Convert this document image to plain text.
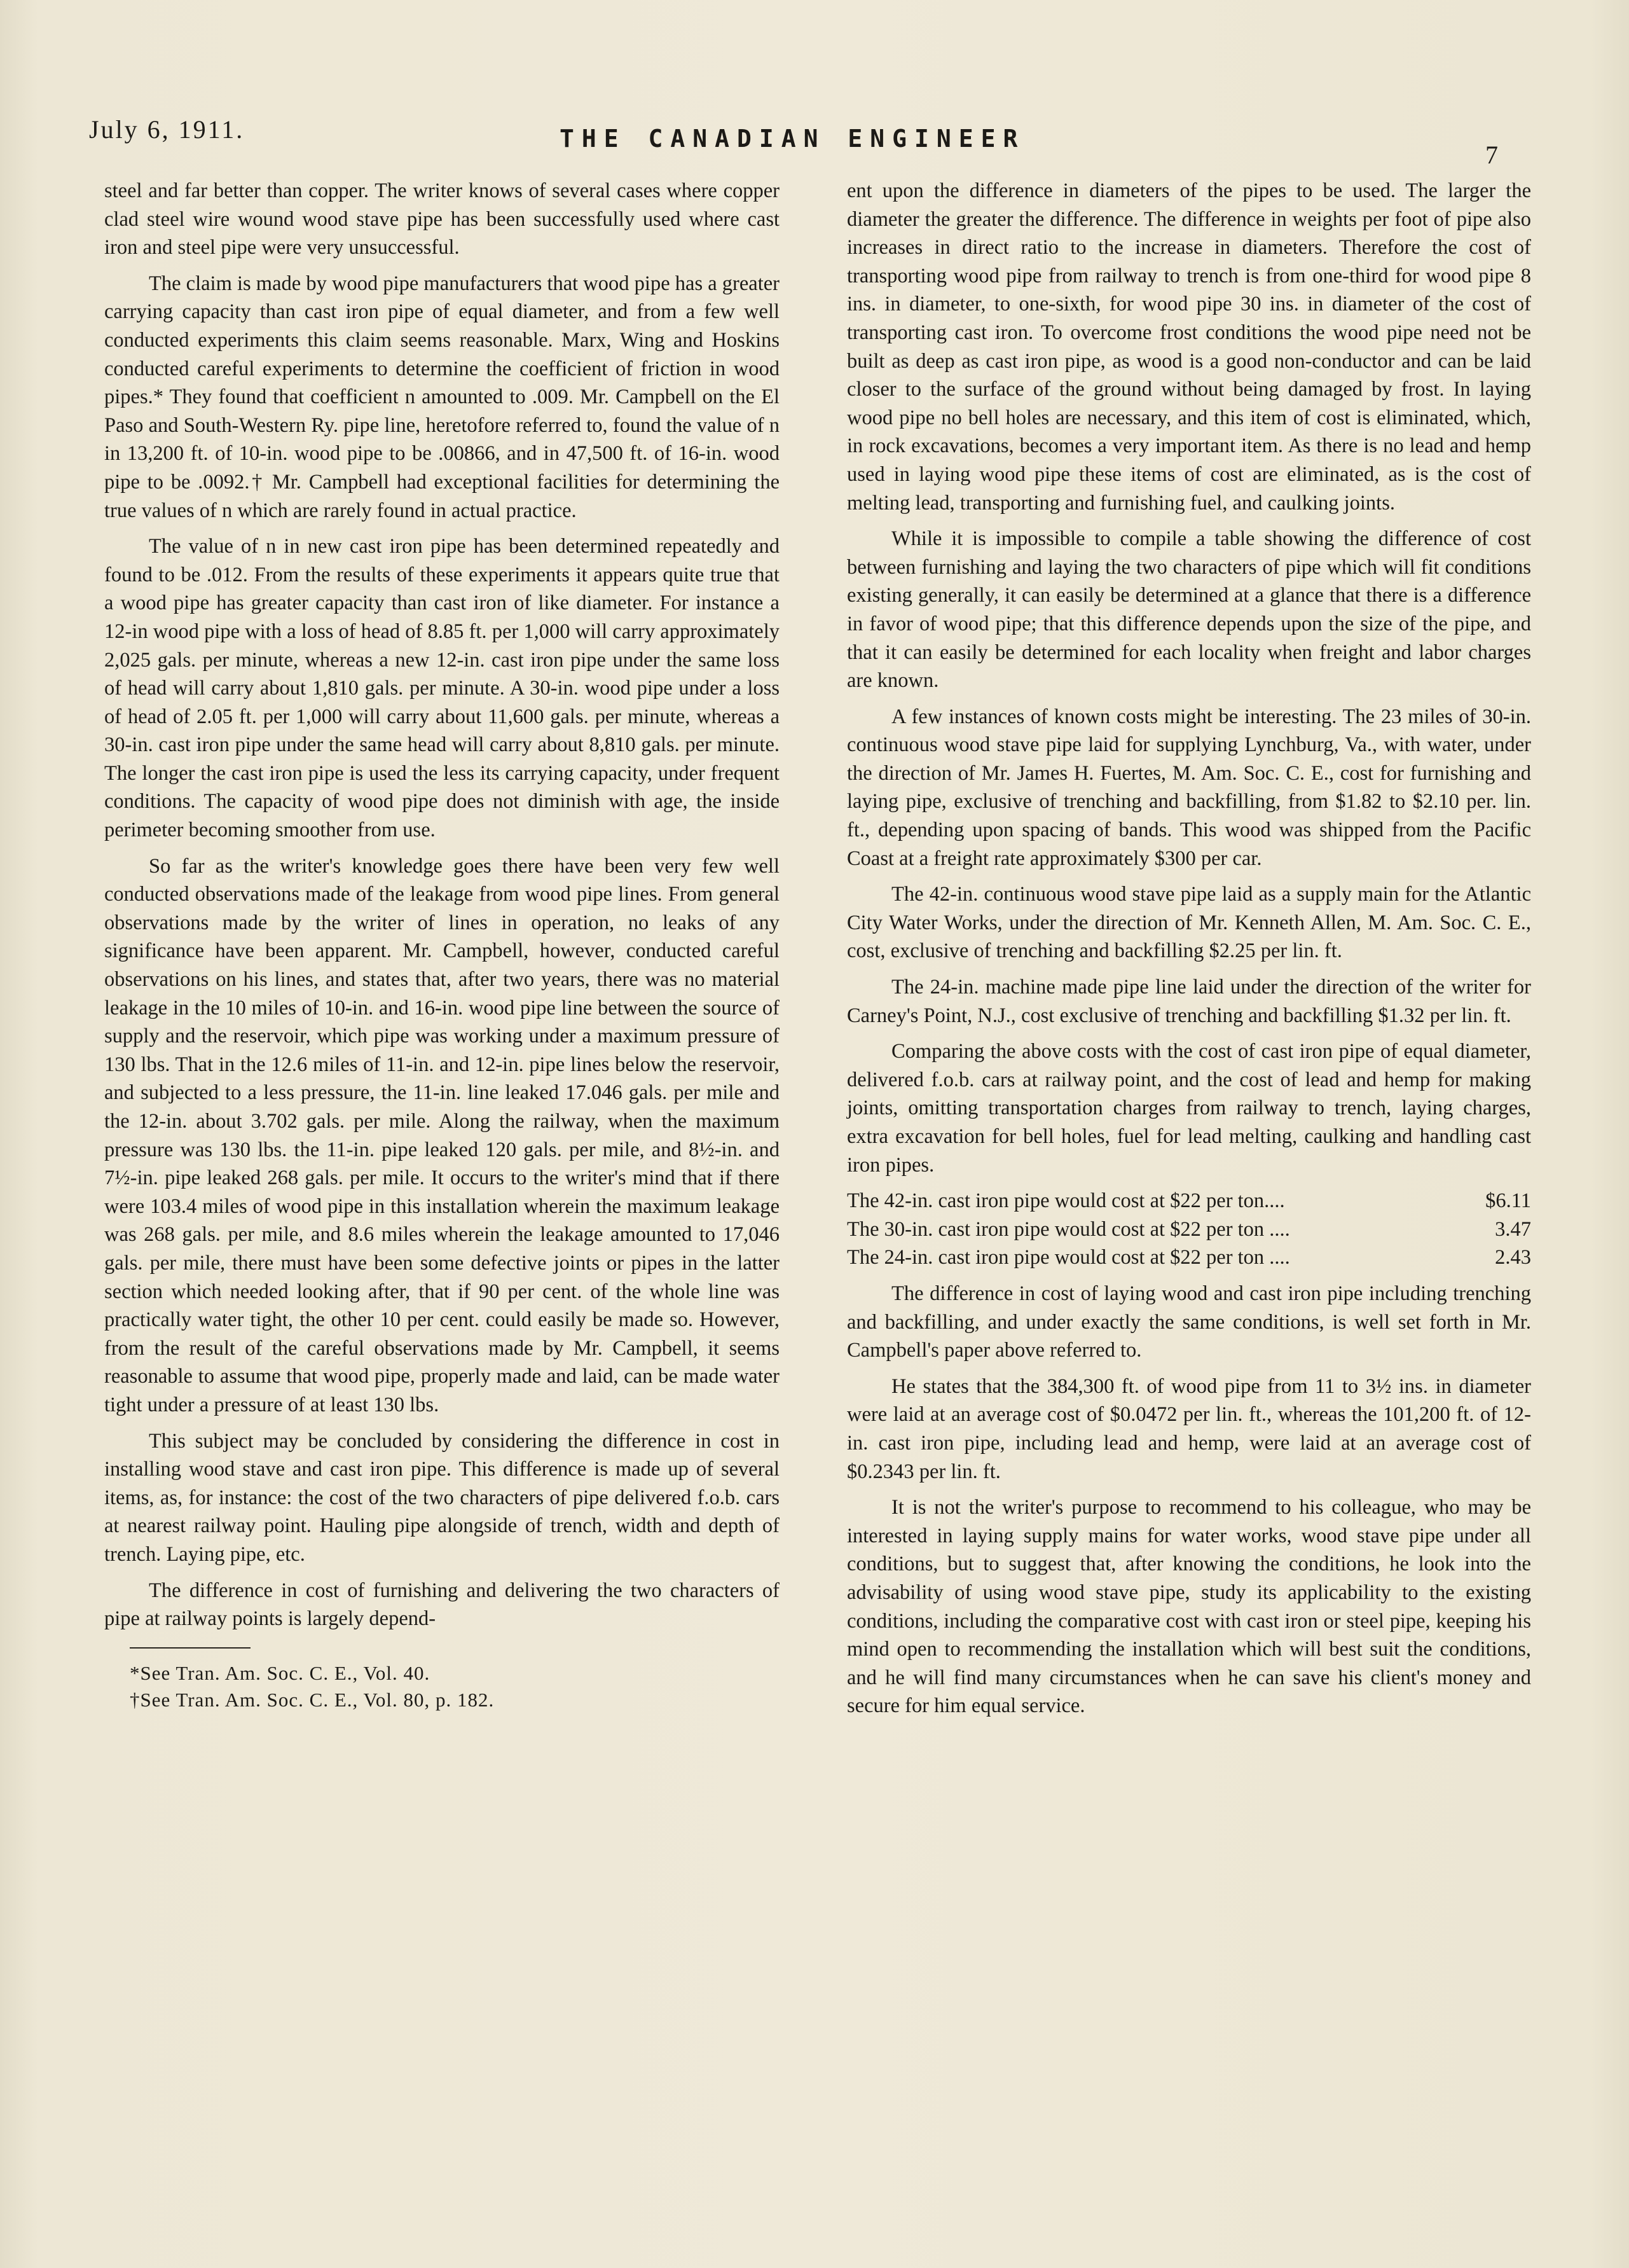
July 6, 1911.	THE CANADIAN ENGINEER
7

steel and far better than copper. The writer knows of several cases where copper clad steel wire wound wood stave pipe has been successfully used where cast iron and steel pipe were very unsuccessful.

The claim is made by wood pipe manufacturers that wood pipe has a greater carrying capacity than cast iron pipe of equal diameter, and from a few well conducted experiments this claim seems reasonable. Marx, Wing and Hoskins conducted careful experiments to determine the coefficient of friction in wood pipes.* They found that coefficient n amounted to .009. Mr. Campbell on the El Paso and South-Western Ry. pipe line, heretofore referred to, found the value of n in 13,200 ft. of 10-in. wood pipe to be .00866, and in 47,500 ft. of 16-in. wood pipe to be .0092.† Mr. Campbell had exceptional facilities for determining the true values of n which are rarely found in actual practice.

The value of n in new cast iron pipe has been determined repeatedly and found to be .012. From the results of these experiments it appears quite true that a wood pipe has greater capacity than cast iron of like diameter. For instance a 12-in wood pipe with a loss of head of 8.85 ft. per 1,000 will carry approximately 2,025 gals. per minute, whereas a new 12-in. cast iron pipe under the same loss of head will carry about 1,810 gals. per minute. A 30-in. wood pipe under a loss of head of 2.05 ft. per 1,000 will carry about 11,600 gals. per minute, whereas a 30-in. cast iron pipe under the same head will carry about 8,810 gals. per minute. The longer the cast iron pipe is used the less its carrying capacity, under frequent conditions. The capacity of wood pipe does not diminish with age, the inside perimeter becoming smoother from use.

So far as the writer's knowledge goes there have been very few well conducted observations made of the leakage from wood pipe lines. From general observations made by the writer of lines in operation, no leaks of any significance have been apparent. Mr. Campbell, however, conducted careful observations on his lines, and states that, after two years, there was no material leakage in the 10 miles of 10-in. and 16-in. wood pipe line between the source of supply and the reservoir, which pipe was working under a maximum pressure of 130 lbs. That in the 12.6 miles of 11-in. and 12-in. pipe lines below the reservoir, and subjected to a less pressure, the 11-in. line leaked 17.046 gals. per mile and the 12-in. about 3.702 gals. per mile. Along the railway, when the maximum pressure was 130 lbs. the 11-in. pipe leaked 120 gals. per mile, and 8½-in. and 7½-in. pipe leaked 268 gals. per mile. It occurs to the writer's mind that if there were 103.4 miles of wood pipe in this installation wherein the maximum leakage was 268 gals. per mile, and 8.6 miles wherein the leakage amounted to 17,046 gals. per mile, there must have been some defective joints or pipes in the latter section which needed looking after, that if 90 per cent. of the whole line was practically water tight, the other 10 per cent. could easily be made so. However, from the result of the careful observations made by Mr. Campbell, it seems reasonable to assume that wood pipe, properly made and laid, can be made water tight under a pressure of at least 130 lbs.

This subject may be concluded by considering the difference in cost in installing wood stave and cast iron pipe. This difference is made up of several items, as, for instance: the cost of the two characters of pipe delivered f.o.b. cars at nearest railway point. Hauling pipe alongside of trench, width and depth of trench. Laying pipe, etc.

The difference in cost of furnishing and delivering the two characters of pipe at railway points is largely depend-

*See Tran. Am. Soc. C. E., Vol. 40.

†See Tran. Am. Soc. C. E., Vol. 80, p. 182.

ent upon the difference in diameters of the pipes to be used. The larger the diameter the greater the difference. The difference in weights per foot of pipe also increases in direct ratio to the increase in diameters. Therefore the cost of transporting wood pipe from railway to trench is from one-third for wood pipe 8 ins. in diameter, to one-sixth, for wood pipe 30 ins. in diameter of the cost of transporting cast iron. To overcome frost conditions the wood pipe need not be built as deep as cast iron pipe, as wood is a good non-conductor and can be laid closer to the surface of the ground without being damaged by frost. In laying wood pipe no bell holes are necessary, and this item of cost is eliminated, which, in rock excavations, becomes a very important item. As there is no lead and hemp used in laying wood pipe these items of cost are eliminated, as is the cost of melting lead, transporting and furnishing fuel, and caulking joints.

While it is impossible to compile a table showing the difference of cost between furnishing and laying the two characters of pipe which will fit conditions existing generally, it can easily be determined at a glance that there is a difference in favor of wood pipe; that this difference depends upon the size of the pipe, and that it can easily be determined for each locality when freight and labor charges are known.

A few instances of known costs might be interesting. The 23 miles of 30-in. continuous wood stave pipe laid for supplying Lynchburg, Va., with water, under the direction of Mr. James H. Fuertes, M. Am. Soc. C. E., cost for furnishing and laying pipe, exclusive of trenching and backfilling, from $1.82 to $2.10 per. lin. ft., depending upon spacing of bands. This wood was shipped from the Pacific Coast at a freight rate approximately $300 per car.

The 42-in. continuous wood stave pipe laid as a supply main for the Atlantic City Water Works, under the direction of Mr. Kenneth Allen, M. Am. Soc. C. E., cost, exclusive of trenching and backfilling $2.25 per lin. ft.

The 24-in. machine made pipe line laid under the direction of the writer for Carney's Point, N.J., cost exclusive of trenching and backfilling $1.32 per lin. ft.

Comparing the above costs with the cost of cast iron pipe of equal diameter, delivered f.o.b. cars at railway point, and the cost of lead and hemp for making joints, omitting transportation charges from railway to trench, laying charges, extra excavation for bell holes, fuel for lead melting, caulking and handling cast iron pipes.

The 42-in. cast iron pipe would cost at $22 per ton....	$6.11
The 30-in. cast iron pipe would cost at $22 per ton ....	3.47
The 24-in. cast iron pipe would cost at $22 per ton ....	2.43

The difference in cost of laying wood and cast iron pipe including trenching and backfilling, and under exactly the same conditions, is well set forth in Mr. Campbell's paper above referred to.

He states that the 384,300 ft. of wood pipe from 11 to 3½ ins. in diameter were laid at an average cost of $0.0472 per lin. ft., whereas the 101,200 ft. of 12-in. cast iron pipe, including lead and hemp, were laid at an average cost of $0.2343 per lin. ft.

It is not the writer's purpose to recommend to his colleague, who may be interested in laying supply mains for water works, wood stave pipe under all conditions, but to suggest that, after knowing the conditions, he look into the advisability of using wood stave pipe, study its applicability to the existing conditions, including the comparative cost with cast iron or steel pipe, keeping his mind open to recommending the installation which will best suit the conditions, and he will find many circumstances when he can save his client's money and secure for him equal service.
